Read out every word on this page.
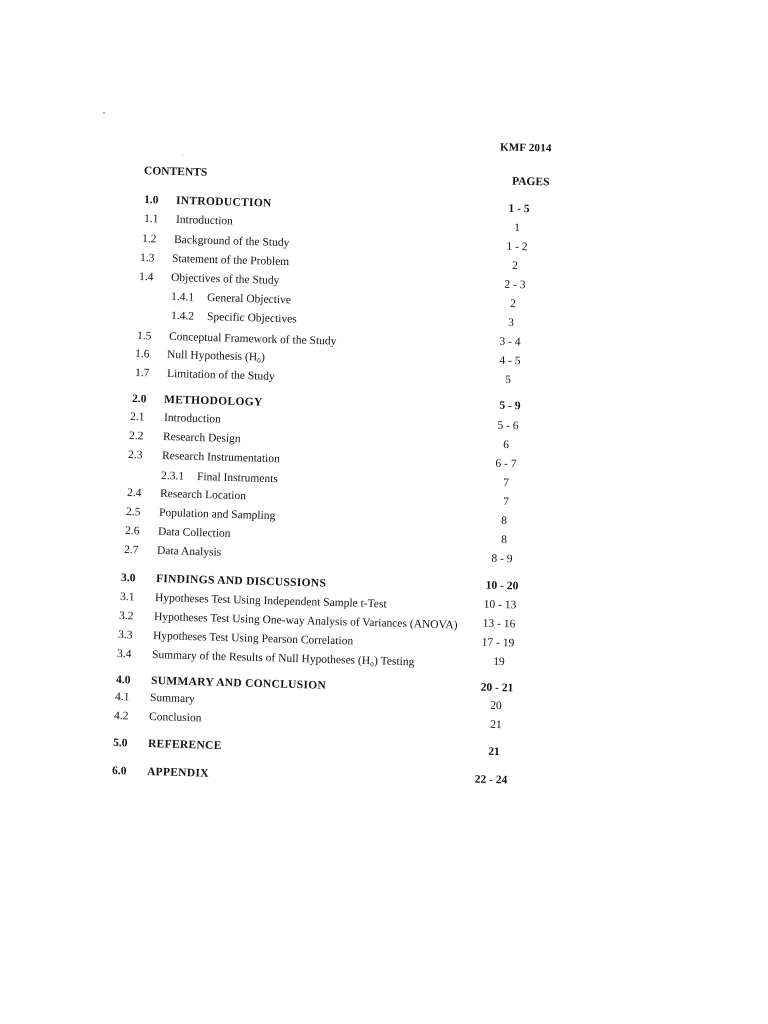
KMF 2014
CONTENTS
PAGES
1.0 INTRODUCTION
1.1 Introduction
1.2 Background of the Study
1.3 Statement of the Problem
1.4 Objectives of the Study
1.4.1 General Objective
1.4.2 Specific Objectives
1.5 Conceptual Framework of the Study
1.6 Null Hypothesis (H₀)
1.7 Limitation of the Study
2.0 METHODOLOGY
2.1 Introduction
2.2 Research Design
2.3 Research Instrumentation
2.3.1 Final Instruments
2.4 Research Location
2.5 Population and Sampling
2.6 Data Collection
2.7 Data Analysis
3.0 FINDINGS AND DISCUSSIONS
3.1 Hypotheses Test Using Independent Sample t-Test
3.2 Hypotheses Test Using One-way Analysis of Variances (ANOVA)
3.3 Hypotheses Test Using Pearson Correlation
3.4 Summary of the Results of Null Hypotheses (H₀) Testing
4.0 SUMMARY AND CONCLUSION
4.1 Summary
4.2 Conclusion
5.0 REFERENCE
6.0 APPENDIX
1 - 5
1
1 - 2
2
2 - 3
2
3
3 - 4
4 - 5
5
5 - 9
5 - 6
6
6 - 7
7
7
8
8
8 - 9
10 - 20
10 - 13
13 - 16
17 - 19
19
20 - 21
20
21
21
22 - 24
